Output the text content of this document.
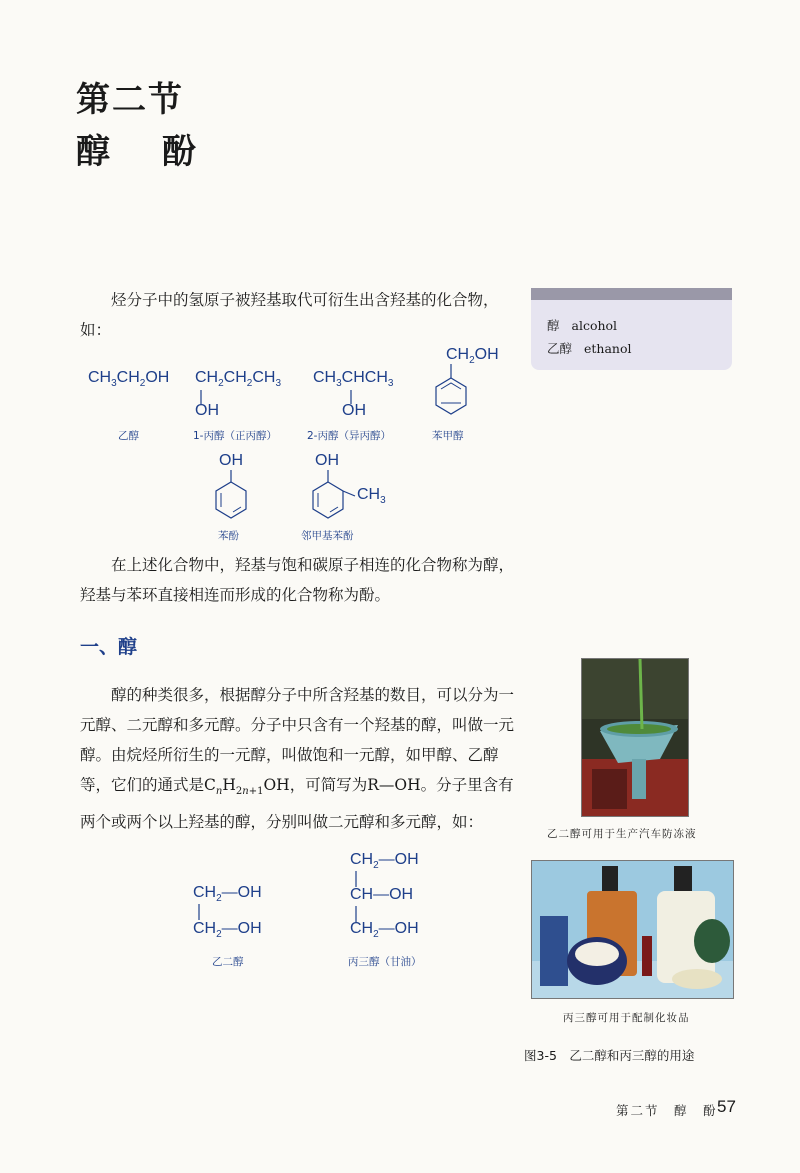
第二节
醇 酚
烃分子中的氢原子被羟基取代可衍生出含羟基的化合物，如：	醇 alcohol
乙醇 ethanol
$CH_3CH_2OH$ $CH_2CH_2CH_3$
OH
$CH_3CHCH_3$
OH
$CH_2OH$
乙醇	1-丙醇（正丙醇）	2-丙醇（异丙醇）	苯甲醇
OH	OH
$CH_3$
苯酚	邻甲基苯酚
在上述化合物中，羟基与饱和碳原子相连的化合物称为醇，羟基与苯环直接相连而形成的化合物称为酚。
一、醇
醇的种类很多，根据醇分子中所含羟基的数目，可以分为一元醇、二元醇和多元醇。分子中只含有一个羟基的醇，叫做一元醇。由烷烃所衍生的一元醇，叫做饱和一元醇，如甲醇、乙醇等，它们的通式是$C_nH_{2n+1}OH$，可简写为R—OH。分子里含有两个或两个以上羟基的醇，分别叫做二元醇和多元醇，如：
$CH_2—OH$
$CH_2—OH$
$CH_2—OH$
CH—OH
$CH_2—OH$
乙二醇	丙三醇（甘油）
乙二醇可用于生产汽车防冻液
丙三醇可用于配制化妆品
图3-5　乙二醇和丙三醇的用途
第二节　醇　酚 57
